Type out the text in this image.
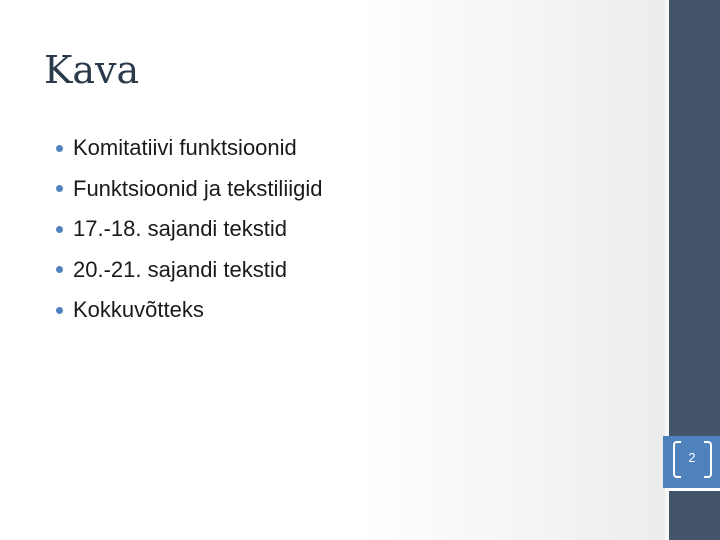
2
Kava
Komitatiivi funktsioonid
Funktsioonid ja tekstiliigid
17.-18. sajandi tekstid
20.-21. sajandi tekstid
Kokkuvõtteks
